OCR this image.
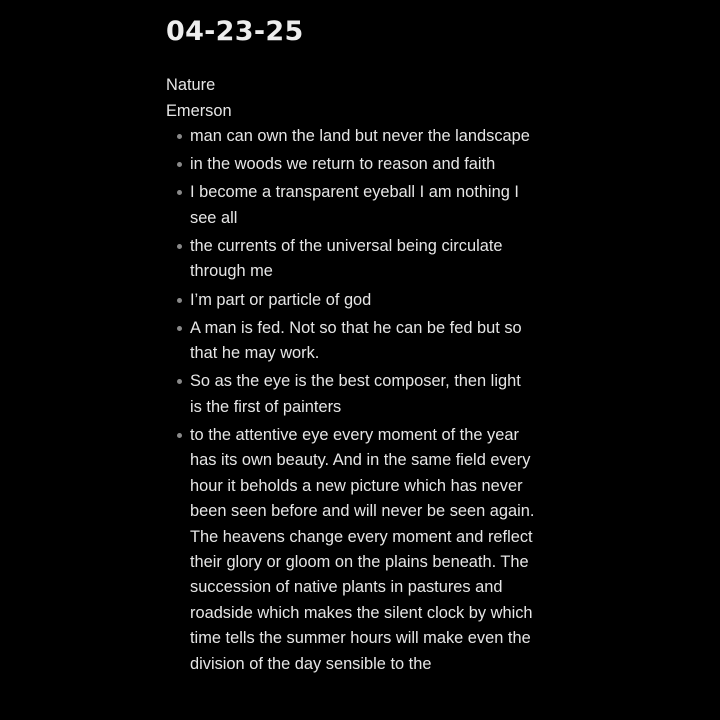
04-23-25
Nature
Emerson
man can own the land but never the landscape
in the woods we return to reason and faith
I become a transparent eyeball I am nothing I see all
the currents of the universal being circulate through me
I’m part or particle of god
A man is fed. Not so that he can be fed but so that he may work.
So as the eye is the best composer, then light is the first of painters
to the attentive eye every moment of the year has its own beauty. And in the same field every hour it beholds a new picture which has never been seen before and will never be seen again. The heavens change every moment and reflect their glory or gloom on the plains beneath. The succession of native plants in pastures and roadside which makes the silent clock by which time tells the summer hours will make even the division of the day sensible to the
